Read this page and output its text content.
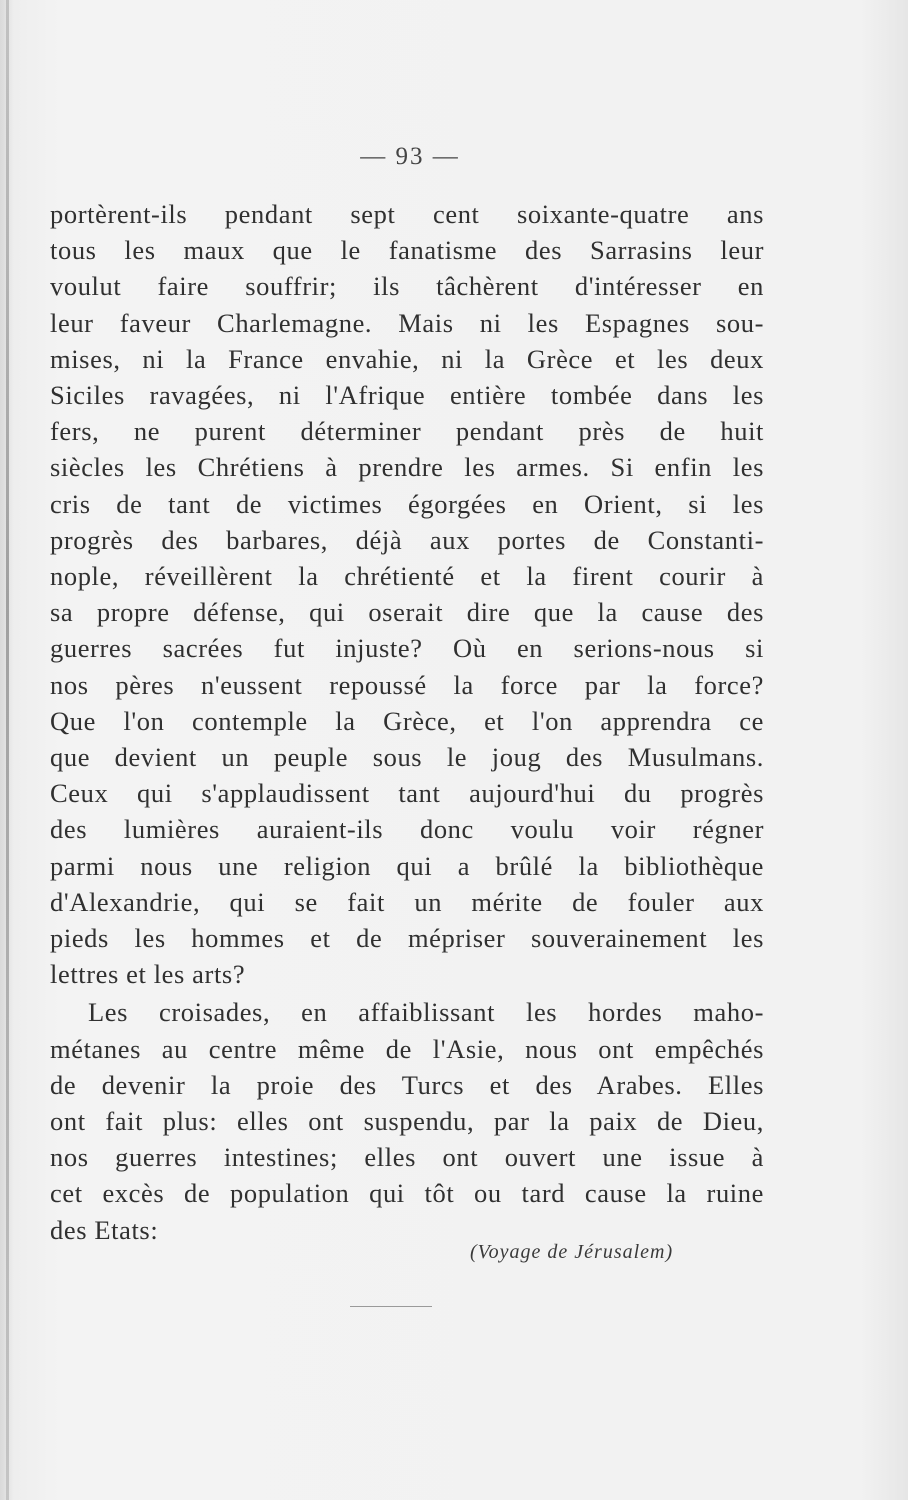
— 93 —
portèrent-ils pendant sept cent soixante-quatre ans
tous les maux que le fanatisme des Sarrasins leur
voulut faire souffrir; ils tâchèrent d'intéresser en
leur faveur Charlemagne. Mais ni les Espagnes sou-
mises, ni la France envahie, ni la Grèce et les deux
Siciles ravagées, ni l'Afrique entière tombée dans les
fers, ne purent déterminer pendant près de huit
siècles les Chrétiens à prendre les armes. Si enfin les
cris de tant de victimes égorgées en Orient, si les
progrès des barbares, déjà aux portes de Constanti-
nople, réveillèrent la chrétienté et la firent courir à
sa propre défense, qui oserait dire que la cause des
guerres sacrées fut injuste? Où en serions-nous si
nos pères n'eussent repoussé la force par la force?
Que l'on contemple la Grèce, et l'on apprendra ce
que devient un peuple sous le joug des Musulmans.
Ceux qui s'applaudissent tant aujourd'hui du progrès
des lumières auraient-ils donc voulu voir régner
parmi nous une religion qui a brûlé la bibliothèque
d'Alexandrie, qui se fait un mérite de fouler aux
pieds les hommes et de mépriser souverainement les
lettres et les arts?
Les croisades, en affaiblissant les hordes maho-
métanes au centre même de l'Asie, nous ont empêchés
de devenir la proie des Turcs et des Arabes. Elles
ont fait plus: elles ont suspendu, par la paix de Dieu,
nos guerres intestines; elles ont ouvert une issue à
cet excès de population qui tôt ou tard cause la ruine
des Etats:
(Voyage de Jérusalem)
